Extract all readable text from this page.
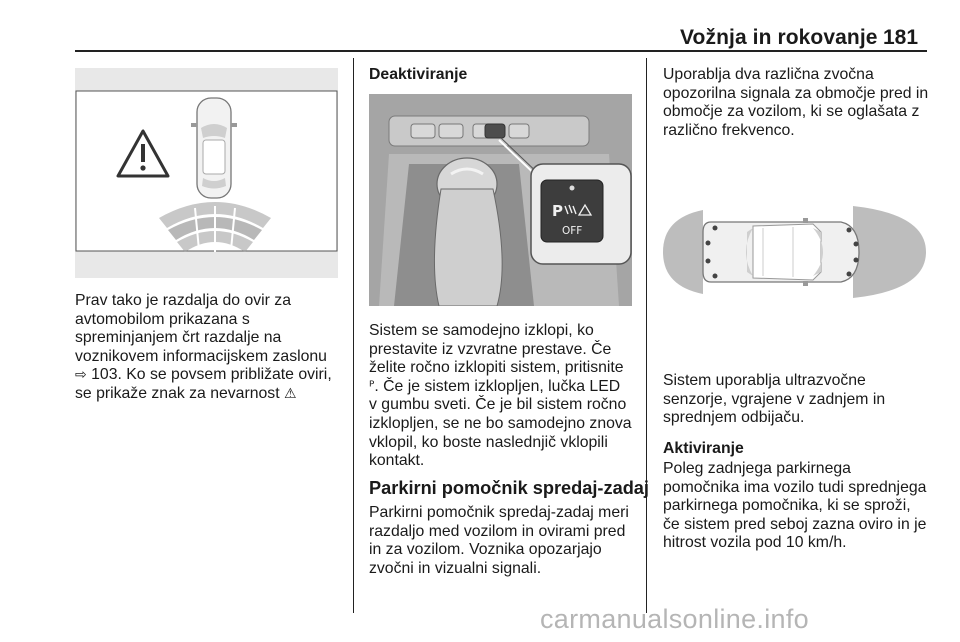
Vožnja in rokovanje 181

Prav tako je razdalja do ovir za

avtomobilom prikazana s

spreminjanjem črt razdalje na

voznikovem informacijskem zaslonu

⇨ 103. Ko se povsem približate oviri,

se prikaže znak za nevarnost ⚠

Deaktiviranje
P
OFF

Sistem se samodejno izklopi, ko

prestavite iz vzvratne prestave. Če

želite ročno izklopiti sistem, pritisnite

ᴾ. Če je sistem izklopljen, lučka LED

v gumbu sveti. Če je bil sistem ročno

izklopljen, se ne bo samodejno znova

vklopil, ko boste naslednjič vklopili

kontakt.

Parkirni pomočnik spredaj-zadaj

Parkirni pomočnik spredaj-zadaj meri

razdaljo med vozilom in ovirami pred

in za vozilom. Voznika opozarjajo

zvočni in vizualni signali.

Uporablja dva različna zvočna

opozorilna signala za območje pred in

območje za vozilom, ki se oglašata z

različno frekvenco.

Sistem uporablja ultrazvočne

senzorje, vgrajene v zadnjem in

sprednjem odbijaču.

Aktiviranje

Poleg zadnjega parkirnega

pomočnika ima vozilo tudi sprednjega

parkirnega pomočnika, ki se sproži,

če sistem pred seboj zazna oviro in je

hitrost vozila pod 10 km/h.

carmanualsonline.info
